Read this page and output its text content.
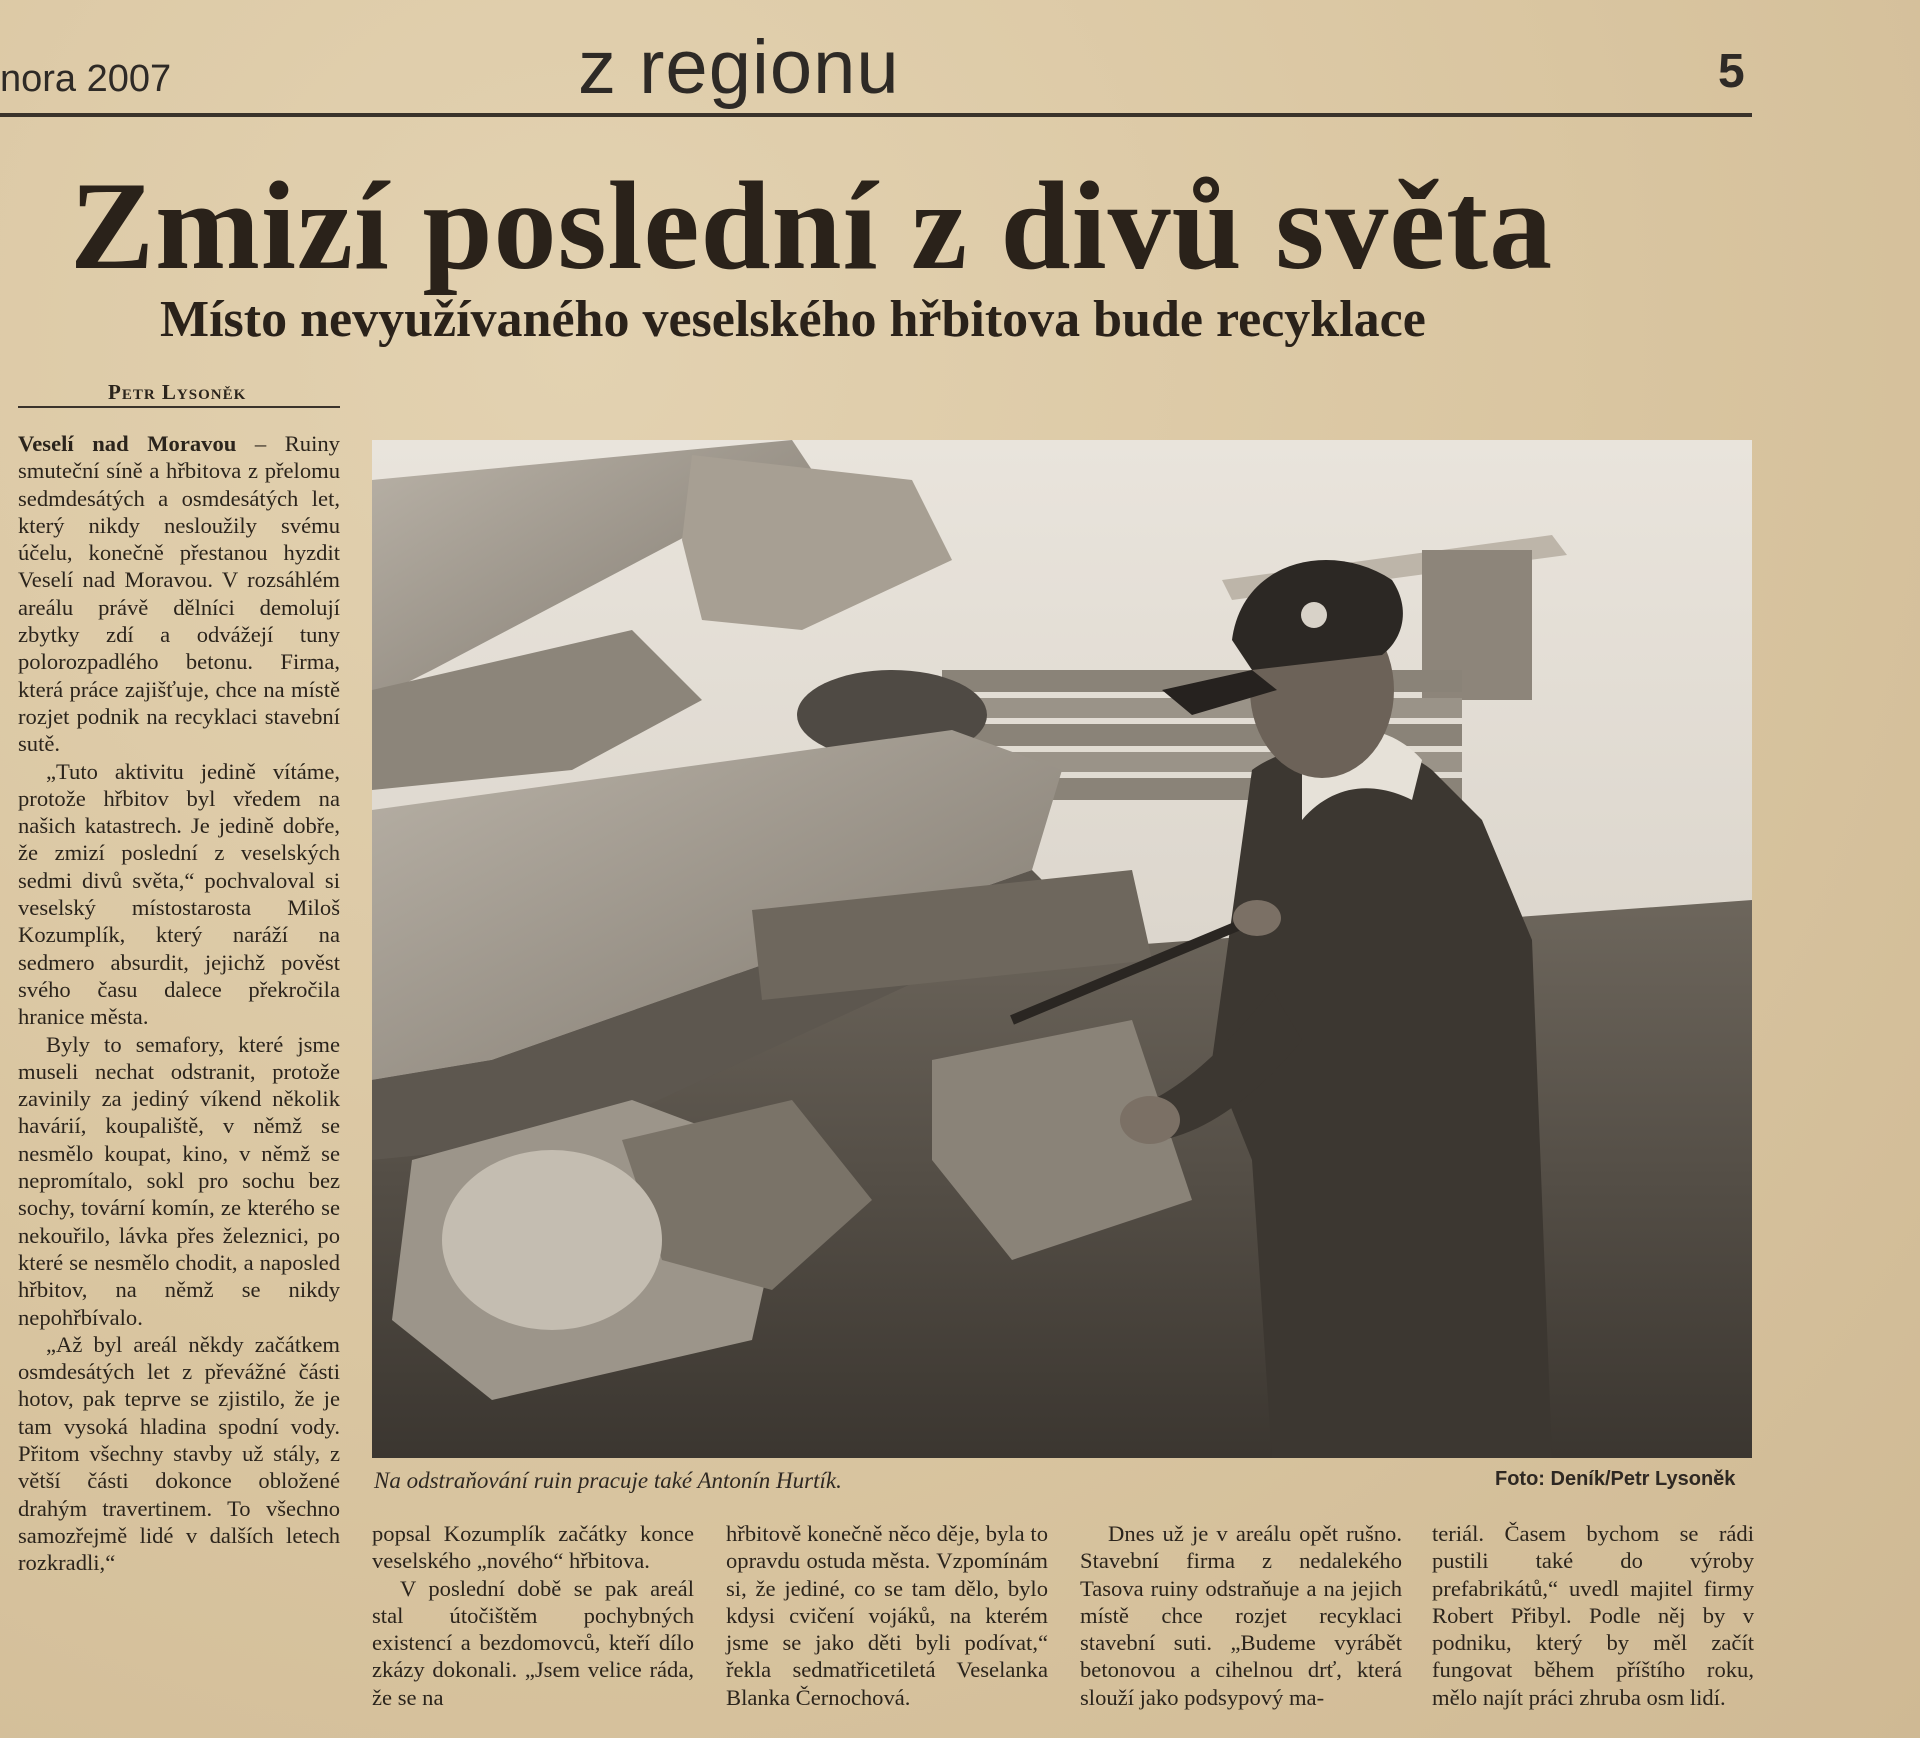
nora 2007	z regionu	5
Zmizí poslední z divů světa
Místo nevyužívaného veselského hřbitova bude recyklace
Petr Lysoněk

Veselí nad Moravou – Ruiny smuteční síně a hřbitova z přelomu sedmdesátých a osmdesátých let, který nikdy nesloužily svému účelu, konečně přestanou hyzdit Veselí nad Moravou. V rozsáhlém areálu právě dělníci demolují zbytky zdí a odvážejí tuny polorozpadlého betonu. Firma, která práce zajišťuje, chce na místě rozjet podnik na recyklaci stavební sutě.

„Tuto aktivitu jedině vítáme, protože hřbitov byl vředem na našich katastrech. Je jedině dobře, že zmizí poslední z veselských sedmi divů světa,“ pochvaloval si veselský místostarosta Miloš Kozumplík, který naráží na sedmero absurdit, jejichž pověst svého času dalece překročila hranice města.

Byly to semafory, které jsme museli nechat odstranit, protože zavinily za jediný víkend několik havárií, koupaliště, v němž se nesmělo koupat, kino, v němž se nepromítalo, sokl pro sochu bez sochy, tovární komín, ze kterého se nekouřilo, lávka přes železnici, po které se nesmělo chodit, a naposled hřbitov, na němž se nikdy nepohřbívalo.

„Až byl areál někdy začátkem osmdesátých let z převážné části hotov, pak teprve se zjistilo, že je tam vysoká hladina spodní vody. Přitom všechny stavby už stály, z větší části dokonce obložené drahým travertinem. To všechno samozřejmě lidé v dalších letech rozkradli,“

Na odstraňování ruin pracuje také Antonín Hurtík.	Foto: Deník/Petr Lysoněk

popsal Kozumplík začátky konce veselského „nového“ hřbitova.

V poslední době se pak areál stal útočištěm pochybných existencí a bezdomovců, kteří dílo zkázy dokonali. „Jsem velice ráda, že se na

hřbitově konečně něco děje, byla to opravdu ostuda města. Vzpomínám si, že jediné, co se tam dělo, bylo kdysi cvičení vojáků, na kterém jsme se jako děti byli podívat,“ řekla sedmatřicetiletá Veselanka Blanka Černochová.

Dnes už je v areálu opět rušno. Stavební firma z nedalekého Tasova ruiny odstraňuje a na jejich místě chce rozjet recyklaci stavební suti. „Budeme vyrábět betonovou a cihelnou drť, která slouží jako podsypový ma-

teriál. Časem bychom se rádi pustili také do výroby prefabrikátů,“ uvedl majitel firmy Robert Přibyl. Podle něj by v podniku, který by měl začít fungovat během příštího roku, mělo najít práci zhruba osm lidí.
